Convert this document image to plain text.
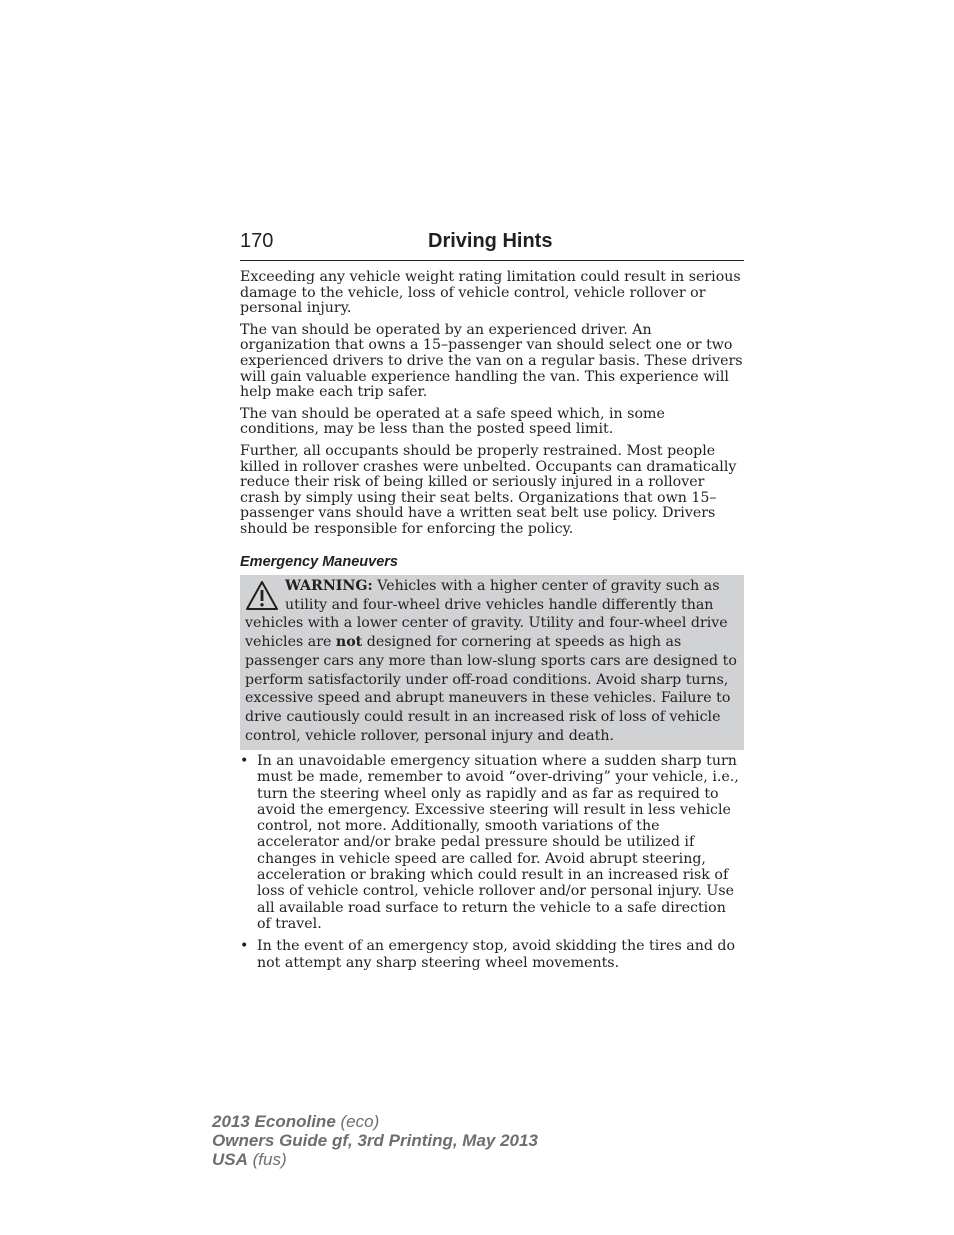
170	Driving Hints

Exceeding any vehicle weight rating limitation could result in serious damage to the vehicle, loss of vehicle control, vehicle rollover or personal injury.

The van should be operated by an experienced driver. An organization that owns a 15–passenger van should select one or two experienced drivers to drive the van on a regular basis. These drivers will gain valuable experience handling the van. This experience will help make each trip safer.

The van should be operated at a safe speed which, in some conditions, may be less than the posted speed limit.

Further, all occupants should be properly restrained. Most people killed in rollover crashes were unbelted. Occupants can dramatically reduce their risk of being killed or seriously injured in a rollover crash by simply using their seat belts. Organizations that own 15–passenger vans should have a written seat belt use policy. Drivers should be responsible for enforcing the policy.

Emergency Maneuvers

WARNING: Vehicles with a higher center of gravity such as utility and four-wheel drive vehicles handle differently than vehicles with a lower center of gravity. Utility and four-wheel drive vehicles are not designed for cornering at speeds as high as passenger cars any more than low-slung sports cars are designed to perform satisfactorily under off-road conditions. Avoid sharp turns, excessive speed and abrupt maneuvers in these vehicles. Failure to drive cautiously could result in an increased risk of loss of vehicle control, vehicle rollover, personal injury and death.

• In an unavoidable emergency situation where a sudden sharp turn must be made, remember to avoid “over-driving” your vehicle, i.e., turn the steering wheel only as rapidly and as far as required to avoid the emergency. Excessive steering will result in less vehicle control, not more. Additionally, smooth variations of the accelerator and/or brake pedal pressure should be utilized if changes in vehicle speed are called for. Avoid abrupt steering, acceleration or braking which could result in an increased risk of loss of vehicle control, vehicle rollover and/or personal injury. Use all available road surface to return the vehicle to a safe direction of travel.
• In the event of an emergency stop, avoid skidding the tires and do not attempt any sharp steering wheel movements.
2013 Econoline (eco)
Owners Guide gf, 3rd Printing, May 2013
USA (fus)
